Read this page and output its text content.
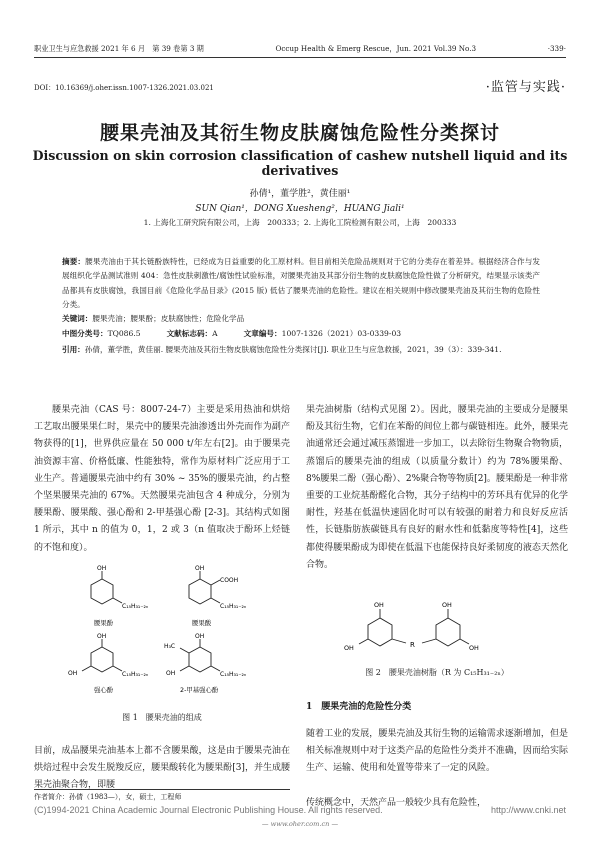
职业卫生与应急救援 2021 年 6 月　第 39 卷第 3 期	Occup Health & Emerg Rescue，Jun. 2021 Vol.39 No.3	·339·
DOI：10.16369/j.oher.issn.1007-1326.2021.03.021	·监管与实践·
腰果壳油及其衍生物皮肤腐蚀危险性分类探讨
Discussion on skin corrosion classification of cashew nutshell liquid and its derivatives
孙倩¹，董学胜²，黄佳丽¹
SUN Qian¹，DONG Xuesheng²，HUANG Jiali¹
1. 上海化工研究院有限公司，上海　200333；2. 上海化工院检测有限公司，上海　200333
摘要：腰果壳油由于其长链酚族特性，已经成为日益重要的化工原材料。但目前相关危险品规则对于它的分类存在着差异。根据经济合作与发展组织化学品测试准则 404：急性皮肤刺激性/腐蚀性试验标准，对腰果壳油及其部分衍生物的皮肤腐蚀危险性做了分析研究，结果显示该类产品都具有皮肤腐蚀，我国目前《危险化学品目录》(2015 版) 低估了腰果壳油的危险性。建议在相关规则中修改腰果壳油及其衍生物的危险性分类。
关键词：腰果壳油；腰果酚；皮肤腐蚀性；危险化学品
中图分类号：TQ086.5	文献标志码：A	文章编号：1007-1326（2021）03-0339-03
引用：孙倩，董学胜，黄佳丽. 腰果壳油及其衍生物皮肤腐蚀危险性分类探讨[J]. 职业卫生与应急救援，2021，39（3）：339-341.

腰果壳油（CAS 号：8007-24-7）主要是采用热油和烘焙工艺取出腰果果仁时，果壳中的腰果壳油渗透出外壳而作为副产物获得的[1]，世界供应量在 50 000 t/年左右[2]。由于腰果壳油资源丰富、价格低廉、性能独特，常作为原材料广泛应用于工业生产。普通腰果壳油中约有 30% ~ 35%的腰果壳油，约占整个坚果腰果壳油的 67%。天然腰果壳油包含 4 种成分，分别为腰果酚、腰果酸、强心酚和 2-甲基强心酚 [2-3]。其结构式如图 1 所示，其中 n 的值为 0，1，2 或 3（n 值取决于酚环上烃链的不饱和度）。

OH
C₁₅H₃₁₋₂ₙ
腰果酚
OH
COOH
C₁₅H₃₁₋₂ₙ
腰果酸
OH
OH	C₁₅H₃₁₋₂ₙ
强心酚
OH
H₃C
OH	C₁₅H₃₁₋₂ₙ
2-甲基强心酚
图 1　腰果壳油的组成

目前，成品腰果壳油基本上都不含腰果酸，这是由于腰果壳油在烘焙过程中会发生脱羧反应，腰果酸转化为腰果酚[3]，并生成腰果壳油聚合物，即腰

作者简介：孙倩（1983—），女，硕士，工程师

果壳油树脂（结构式见图 2）。因此，腰果壳油的主要成分是腰果酚及其衍生物，它们在苯酚的间位上都与碳链相连。此外，腰果壳油通常还会通过减压蒸馏进一步加工，以去除衍生物聚合物物质，蒸馏后的腰果壳油的组成（以质量分数计）约为 78%腰果酚、8%腰果二酚（强心酚）、2%聚合物等物质[2]。腰果酚是一种非常重要的工业烷基酚醛化合物，其分子结构中的芳环具有优异的化学耐性，羟基在低温快速固化时可以有较强的耐着力和良好反应活性，长链脂肪族碳链具有良好的耐水性和低黏度等特性[4]，这些都使得腰果酚成为即使在低温下也能保持良好柔韧度的液态天然化合物。

OH
OH	R
OH
OH
图 2　腰果壳油树脂（R 为 C₁₅H₃₁₋₂ₙ）
1　腰果壳油的危险性分类

随着工业的发展，腰果壳油及其衍生物的运输需求逐渐增加，但是相关标准规则中对于这类产品的危险性分类并不准确，因而给实际生产、运输、使用和处置等带来了一定的风险。

传统概念中，天然产品一般较少具有危险性，

(C)1994-2021 China Academic Journal Electronic Publishing House. All rights reserved.	http://www.cnki.net
— www.oher.com.cn —
